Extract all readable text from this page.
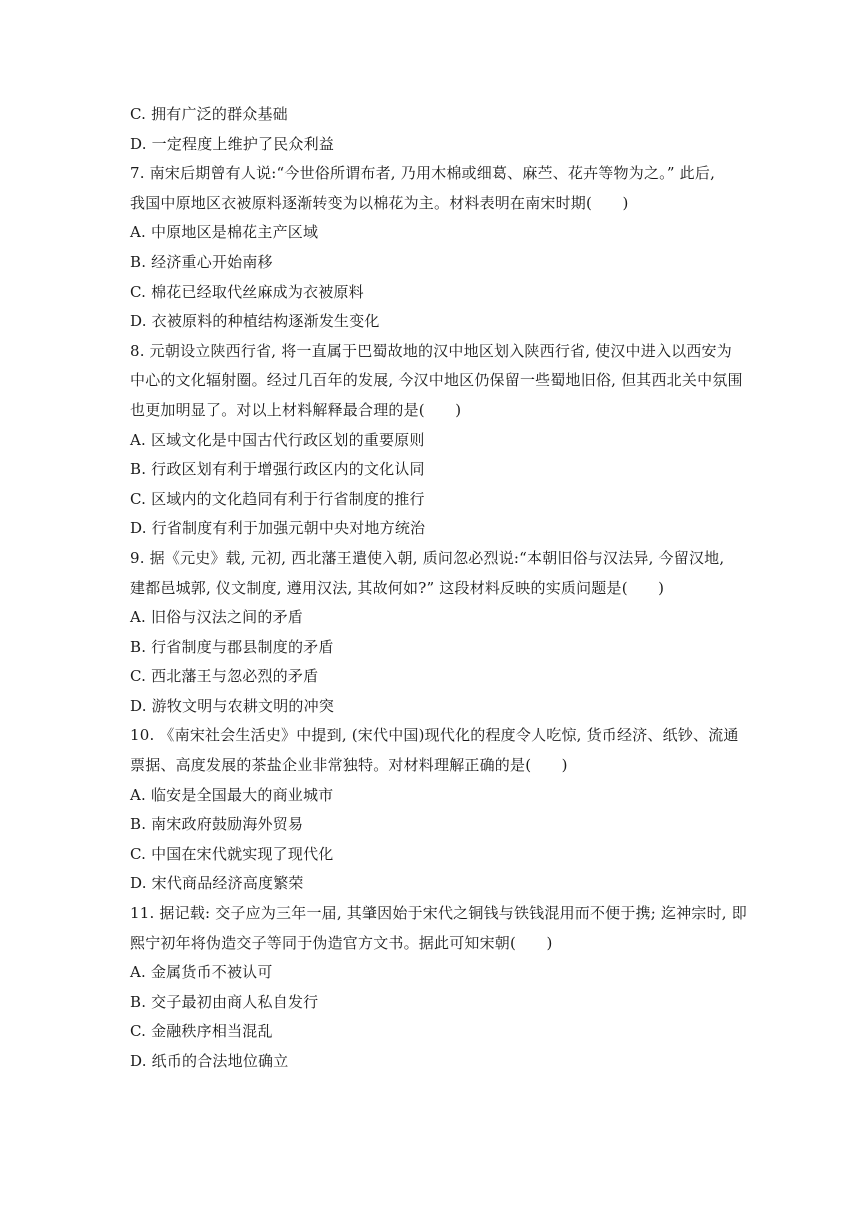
C. 拥有广泛的群众基础
D. 一定程度上维护了民众利益
7. 南宋后期曾有人说:“今世俗所谓布者, 乃用木棉或细葛、麻苎、花卉等物为之。” 此后,
我国中原地区衣被原料逐渐转变为以棉花为主。材料表明在南宋时期(　　)
A. 中原地区是棉花主产区域
B. 经济重心开始南移
C. 棉花已经取代丝麻成为衣被原料
D. 衣被原料的种植结构逐渐发生变化
8. 元朝设立陕西行省, 将一直属于巴蜀故地的汉中地区划入陕西行省, 使汉中进入以西安为
中心的文化辐射圈。经过几百年的发展, 今汉中地区仍保留一些蜀地旧俗, 但其西北关中氛围
也更加明显了。对以上材料解释最合理的是(　　)
A. 区域文化是中国古代行政区划的重要原则
B. 行政区划有利于增强行政区内的文化认同
C. 区域内的文化趋同有利于行省制度的推行
D. 行省制度有利于加强元朝中央对地方统治
9. 据《元史》载, 元初, 西北藩王遣使入朝, 质问忽必烈说:“本朝旧俗与汉法异, 今留汉地,
建都邑城郭, 仪文制度, 遵用汉法, 其故何如?” 这段材料反映的实质问题是(　　)
A. 旧俗与汉法之间的矛盾
B. 行省制度与郡县制度的矛盾
C. 西北藩王与忽必烈的矛盾
D. 游牧文明与农耕文明的冲突
10. 《南宋社会生活史》中提到, (宋代中国)现代化的程度令人吃惊, 货币经济、纸钞、流通
票据、高度发展的茶盐企业非常独特。对材料理解正确的是(　　)
A. 临安是全国最大的商业城市
B. 南宋政府鼓励海外贸易
C. 中国在宋代就实现了现代化
D. 宋代商品经济高度繁荣
11. 据记载: 交子应为三年一届, 其肇因始于宋代之铜钱与铁钱混用而不便于携; 迄神宗时, 即
熙宁初年将伪造交子等同于伪造官方文书。据此可知宋朝(　　)
A. 金属货币不被认可
B. 交子最初由商人私自发行
C. 金融秩序相当混乱
D. 纸币的合法地位确立
